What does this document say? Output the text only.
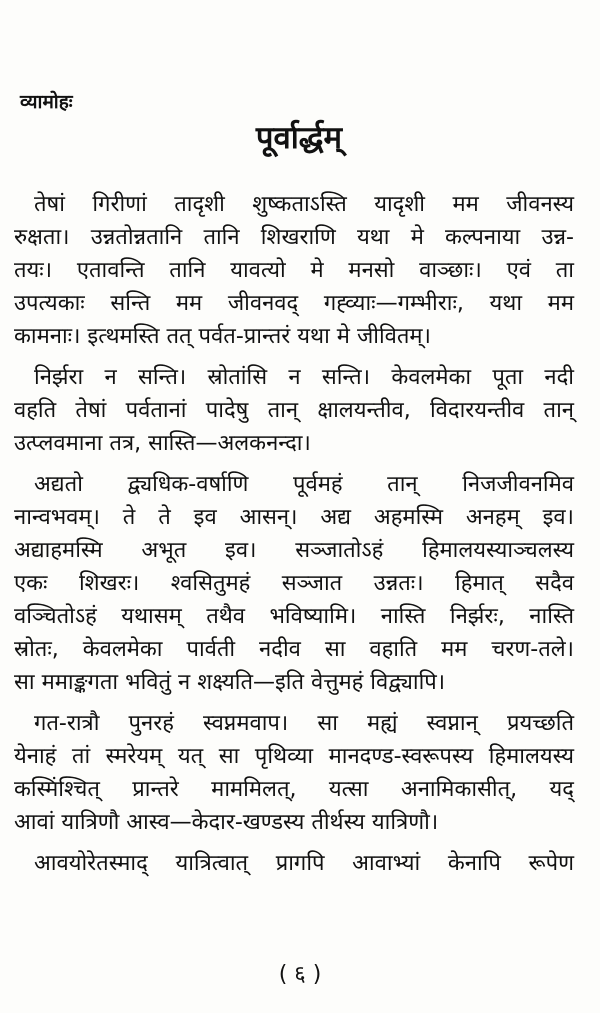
व्यामोहः
पूर्वार्द्धम्
तेषां गिरीणां तादृशी शुष्कताऽस्ति यादृशी मम जीवनस्य
रुक्षता। उन्नतोन्नतानि तानि शिखराणि यथा मे कल्पनाया उन्न-
तयः। एतावन्ति तानि यावत्यो मे मनसो वाञ्छाः। एवं ता
उपत्यकाः सन्ति मम जीवनवद् गह्व्याः—गम्भीराः, यथा मम
कामनाः। इत्थमस्ति तत् पर्वत-प्रान्तरं यथा मे जीवितम्।
निर्झरा न सन्ति। स्रोतांसि न सन्ति। केवलमेका पूता नदी
वहति तेषां पर्वतानां पादेषु तान् क्षालयन्तीव, विदारयन्तीव तान्
उत्प्लवमाना तत्र, सास्ति—अलकनन्दा।
अद्यतो द्व्यधिक-वर्षाणि पूर्वमहं तान् निजजीवनमिव
नान्वभवम्। ते ते इव आसन्। अद्य अहमस्मि अनहम् इव।
अद्याहमस्मि अभूत इव। सञ्जातोऽहं हिमालयस्याञ्चलस्य
एकः शिखरः। श्वसितुमहं सञ्जात उन्नतः। हिमात् सदैव
वञ्चितोऽहं यथासम् तथैव भविष्यामि। नास्ति निर्झरः, नास्ति
स्रोतः, केवलमेका पार्वती नदीव सा वहाति मम चरण-तले।
सा ममाङ्कगता भवितुं न शक्ष्यति—इति वेत्तुमहं विद्व्यापि।
गत-रात्रौ पुनरहं स्वप्नमवाप। सा मह्यं स्वप्नान् प्रयच्छति
येनाहं तां स्मरेयम् यत् सा पृथिव्या मानदण्ड-स्वरूपस्य हिमालयस्य
कस्मिंश्चित् प्रान्तरे माममिलत्, यत्सा अनामिकासीत्, यद्
आवां यात्रिणौ आस्व—केदार-खण्डस्य तीर्थस्य यात्रिणौ।
आवयोरेतस्माद् यात्रित्वात् प्रागपि आवाभ्यां केनापि रूपेण
( ६ )
